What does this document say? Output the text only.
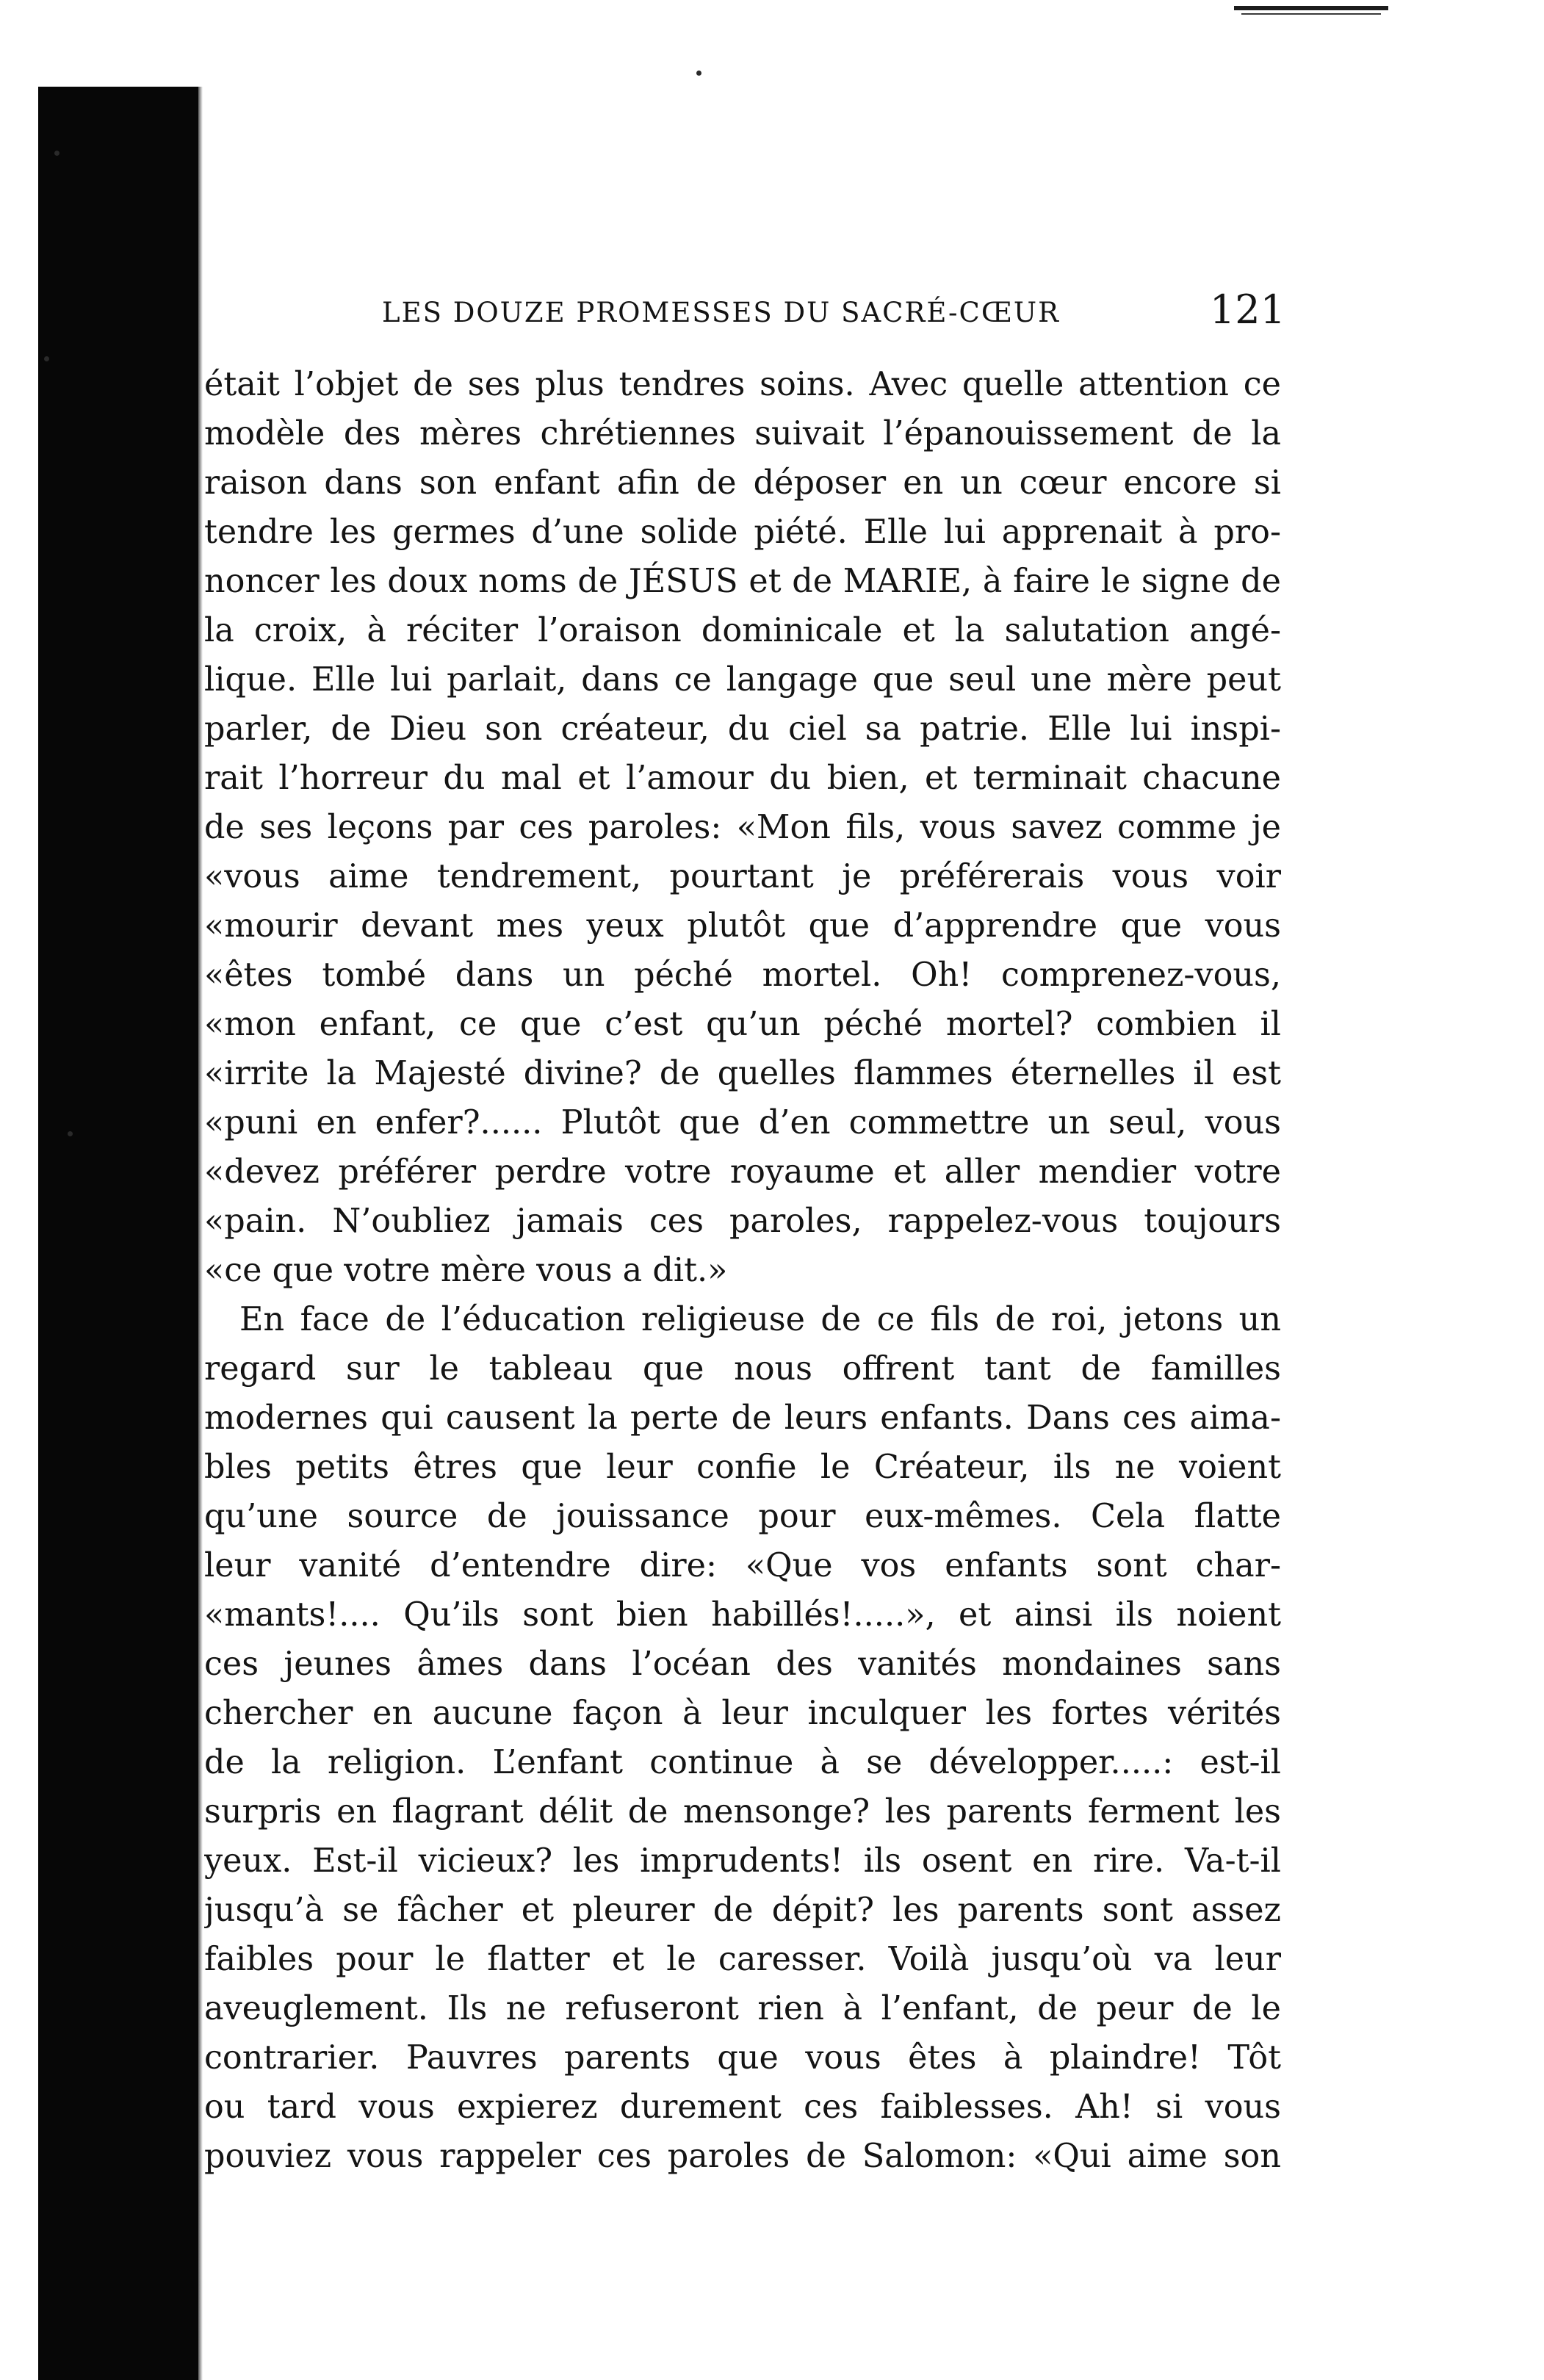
LES DOUZE PROMESSES DU SACRÉ-CŒUR	121
était l’objet de ses plus tendres soins. Avec quelle attention ce
modèle des mères chrétiennes suivait l’épanouissement de la
raison dans son enfant afin de déposer en un cœur encore si
tendre les germes d’une solide piété. Elle lui apprenait à pro-
noncer les doux noms de JÉSUS et de MARIE, à faire le signe de
la croix, à réciter l’oraison dominicale et la salutation angé-
lique. Elle lui parlait, dans ce langage que seul une mère peut
parler, de Dieu son créateur, du ciel sa patrie. Elle lui inspi-
rait l’horreur du mal et l’amour du bien, et terminait chacune
de ses leçons par ces paroles: «Mon fils, vous savez comme je
«vous aime tendrement, pourtant je préférerais vous voir
«mourir devant mes yeux plutôt que d’apprendre que vous
«êtes tombé dans un péché mortel. Oh! comprenez-vous,
«mon enfant, ce que c’est qu’un péché mortel? combien il
«irrite la Majesté divine? de quelles flammes éternelles il est
«puni en enfer?...... Plutôt que d’en commettre un seul, vous
«devez préférer perdre votre royaume et aller mendier votre
«pain. N’oubliez jamais ces paroles, rappelez-vous toujours
«ce que votre mère vous a dit.»
En face de l’éducation religieuse de ce fils de roi, jetons un
regard sur le tableau que nous offrent tant de familles
modernes qui causent la perte de leurs enfants. Dans ces aima-
bles petits êtres que leur confie le Créateur, ils ne voient
qu’une source de jouissance pour eux-mêmes. Cela flatte
leur vanité d’entendre dire: «Que vos enfants sont char-
«mants!.... Qu’ils sont bien habillés!.....», et ainsi ils noient
ces jeunes âmes dans l’océan des vanités mondaines sans
chercher en aucune façon à leur inculquer les fortes vérités
de la religion. L’enfant continue à se développer.....: est-il
surpris en flagrant délit de mensonge? les parents ferment les
yeux. Est-il vicieux? les imprudents! ils osent en rire. Va-t-il
jusqu’à se fâcher et pleurer de dépit? les parents sont assez
faibles pour le flatter et le caresser. Voilà jusqu’où va leur
aveuglement. Ils ne refuseront rien à l’enfant, de peur de le
contrarier. Pauvres parents que vous êtes à plaindre! Tôt
ou tard vous expierez durement ces faiblesses. Ah! si vous
pouviez vous rappeler ces paroles de Salomon: «Qui aime son
